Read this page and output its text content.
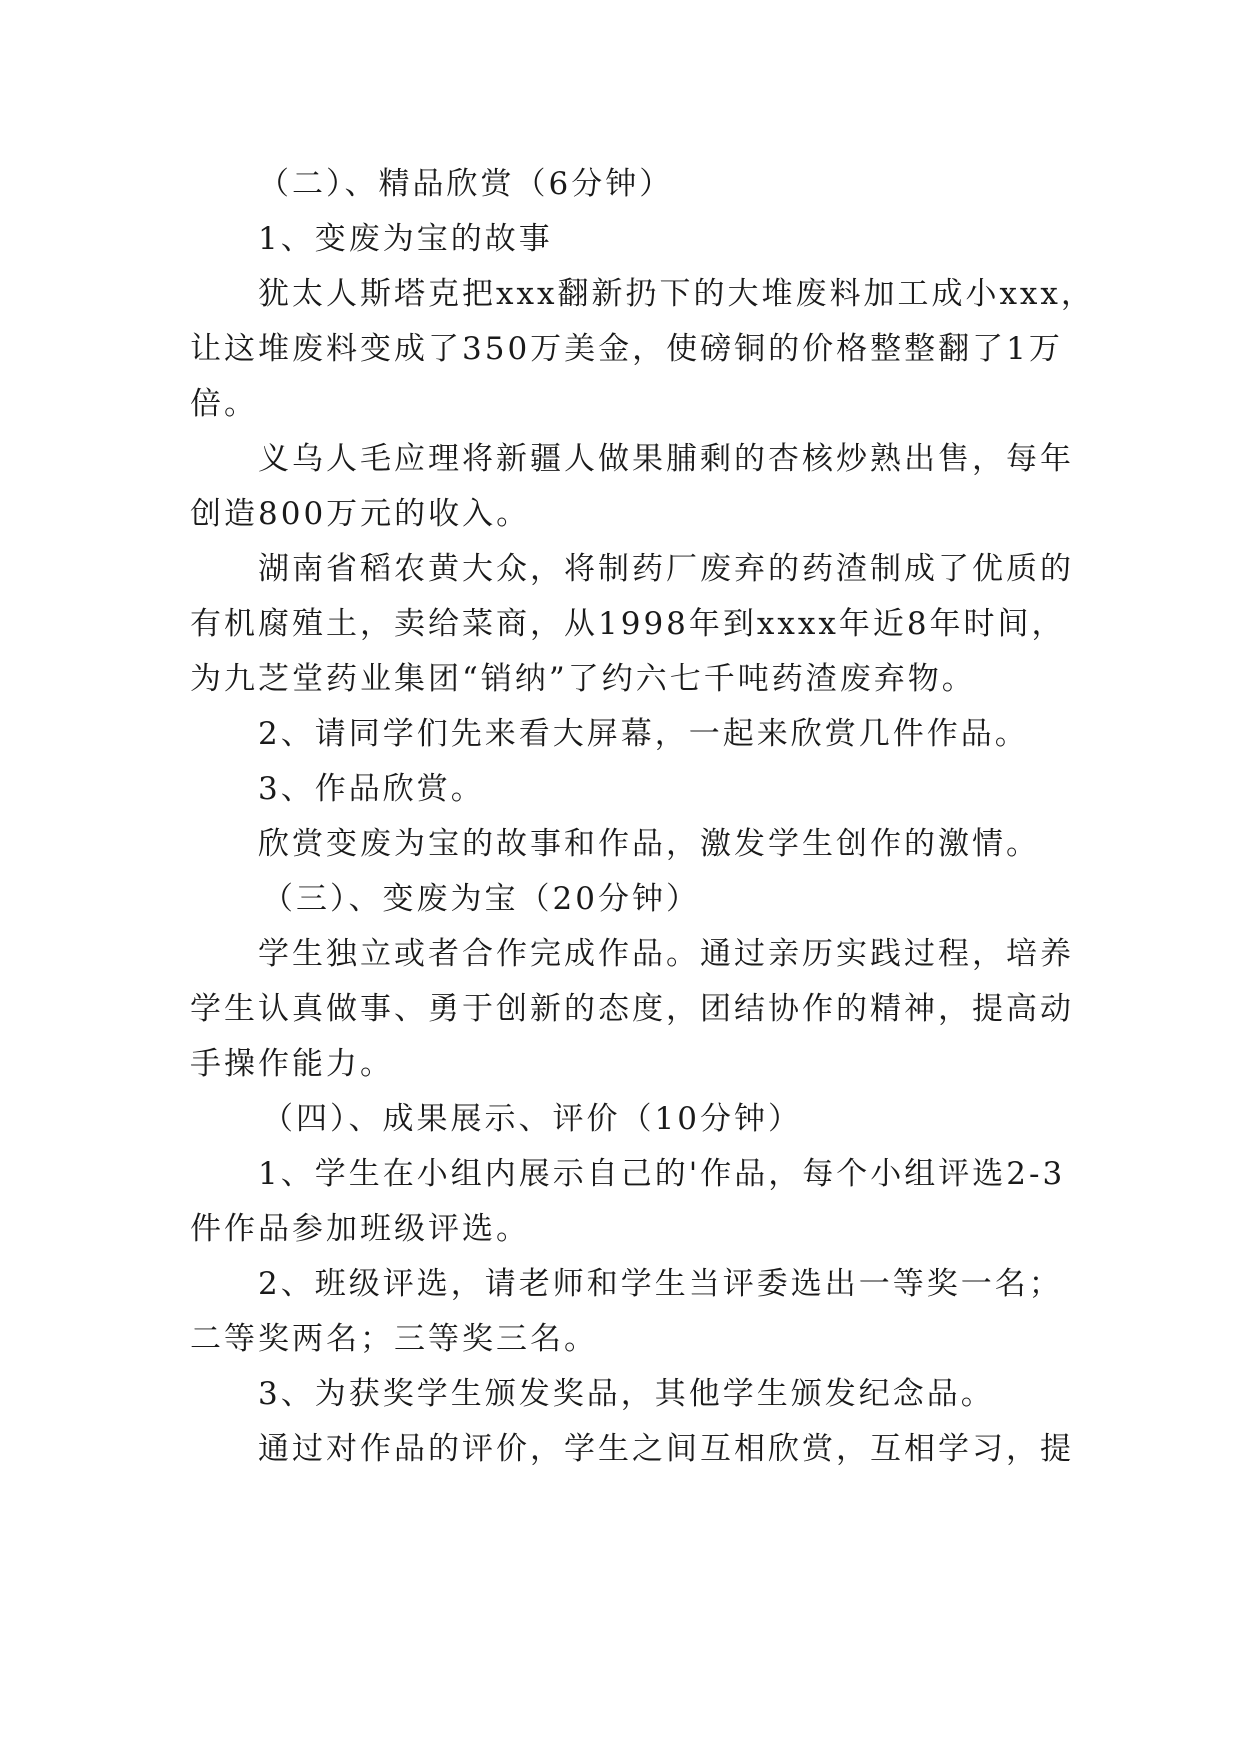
（二）、精品欣赏（6分钟）
1、变废为宝的故事
犹太人斯塔克把xxx翻新扔下的大堆废料加工成小xxx，
让这堆废料变成了350万美金，使磅铜的价格整整翻了1万
倍。
义乌人毛应理将新疆人做果脯剩的杏核炒熟出售，每年
创造800万元的收入。
湖南省稻农黄大众，将制药厂废弃的药渣制成了优质的
有机腐殖土，卖给菜商，从1998年到xxxx年近8年时间，
为九芝堂药业集团“销纳”了约六七千吨药渣废弃物。
2、请同学们先来看大屏幕，一起来欣赏几件作品。
3、作品欣赏。
欣赏变废为宝的故事和作品，激发学生创作的激情。
（三）、变废为宝（20分钟）
学生独立或者合作完成作品。通过亲历实践过程，培养
学生认真做事、勇于创新的态度，团结协作的精神，提高动
手操作能力。
（四）、成果展示、评价（10分钟）
1、学生在小组内展示自己的'作品，每个小组评选2-3
件作品参加班级评选。
2、班级评选，请老师和学生当评委选出一等奖一名；
二等奖两名；三等奖三名。
3、为获奖学生颁发奖品，其他学生颁发纪念品。
通过对作品的评价，学生之间互相欣赏，互相学习，提
